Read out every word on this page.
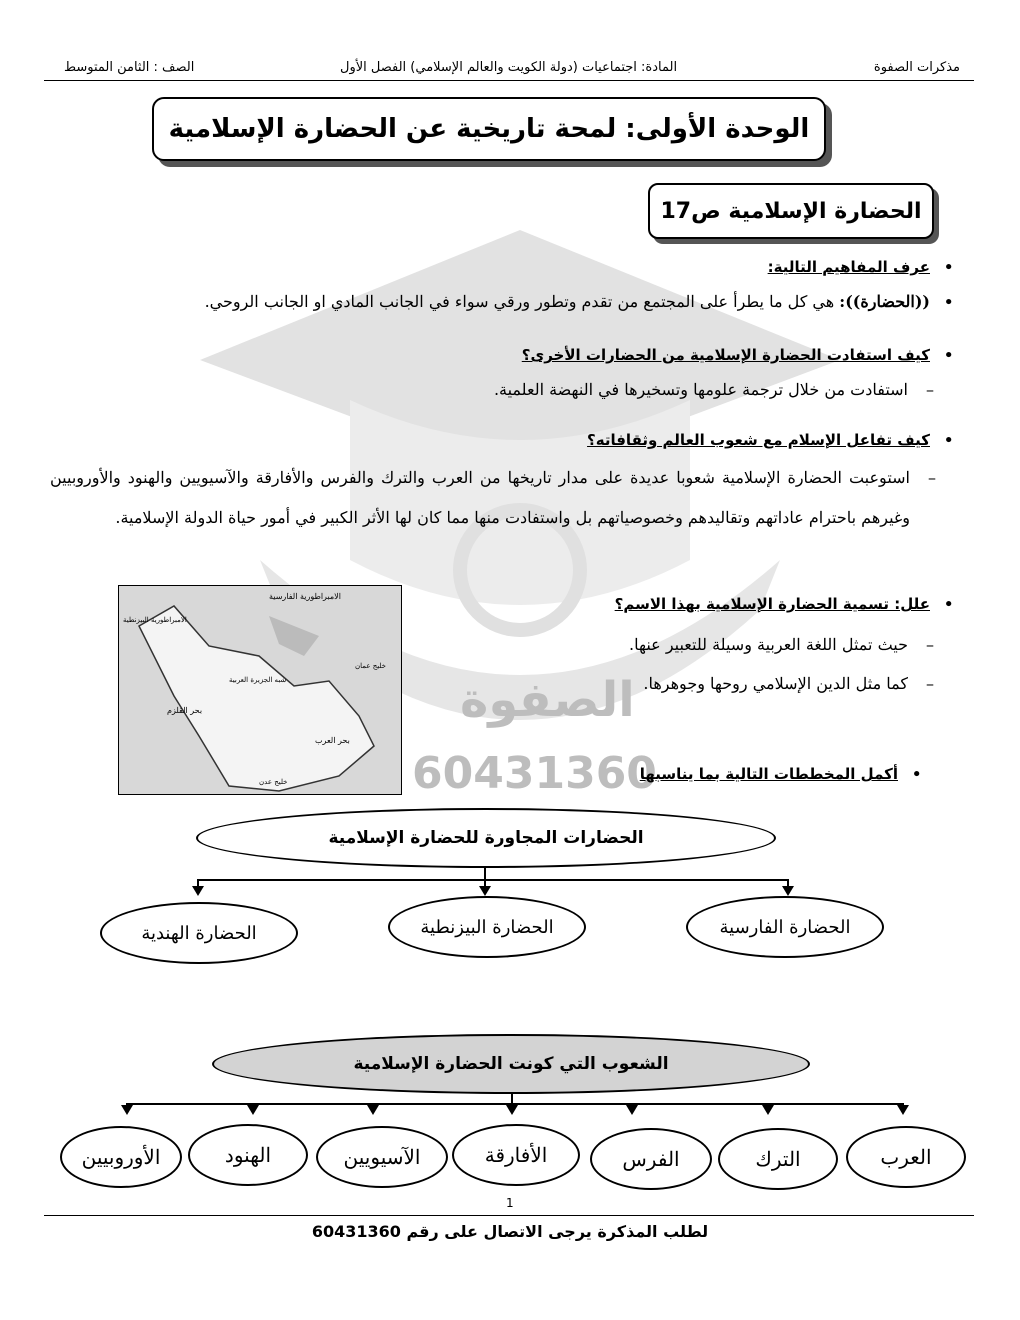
الصفوة
60431360
مذكرات الصفوة
المادة: اجتماعيات (دولة الكويت والعالم الإسلامي) الفصل الأول
الصف : الثامن المتوسط
الوحدة الأولى: لمحة تاريخية عن الحضارة الإسلامية
الحضارة الإسلامية ص17
• عرف المفاهيم التالية:
• ((الحضارة)): هي كل ما يطرأ على المجتمع من تقدم وتطور ورقي سواء في الجانب المادي او الجانب الروحي.
• كيف استفادت الحضارة الإسلامية من الحضارات الأخرى؟
– استفادت من خلال ترجمة علومها وتسخيرها في النهضة العلمية.
• كيف تفاعل الإسلام مع شعوب العالم وثقافاته؟
– استوعبت الحضارة الإسلامية شعوبا عديدة على مدار تاريخها من العرب والترك والفرس والأفارقة والآسيويين والهنود والأوروبيين وغيرهم باحترام عاداتهم وتقاليدهم وخصوصياتهم بل واستفادت منها مما كان لها الأثر الكبير في أمور حياة الدولة الإسلامية.
• علل: تسمية الحضارة الإسلامية بهذا الاسم؟
– حيث تمثل اللغة العربية وسيلة للتعبير عنها.
– كما مثل الدين الإسلامي روحها وجوهرها.
• أكمل المخططات التالية بما يناسبها
الامبراطورية الفارسية
الامبراطورية البيزنطية
شبه الجزيرة العربية
بحر القلزم
بحر العرب
خليج عدن
خليج عمان
الحضارات المجاورة للحضارة الإسلامية
الحضارة الفارسية
الحضارة البيزنطية
الحضارة الهندية
الشعوب التي كونت الحضارة الإسلامية
العرب
الترك
الفرس
الأفارقة
الآسيويين
الهنود
الأوروبيين
1
لطلب المذكرة يرجى الاتصال على رقم 60431360
